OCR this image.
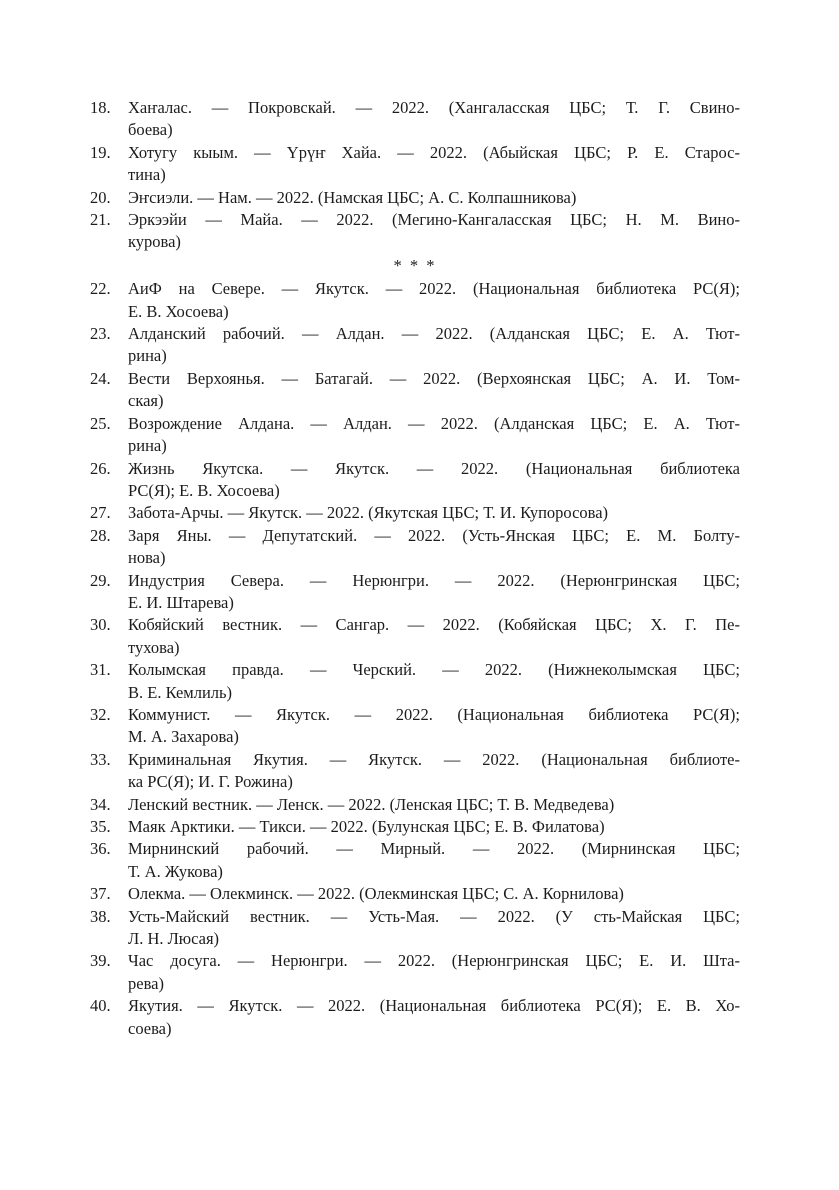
18.	Хаҥалас. — Покровскай. — 2022. (Хангаласская ЦБС; Т. Г. Свино-
боева)
19.	Хотугу кыым. — Үрүҥ Хайа. — 2022. (Абыйская ЦБС; Р. Е. Старос-
тина)
20.	Эҥсиэли. — Нам. — 2022. (Намская ЦБС; А. С. Колпашникова)
21.	Эркээйи — Майа. — 2022. (Мегино-Кангаласская ЦБС; Н. М. Вино-
курова)
* * *
22.	АиФ на Севере. — Якутск. — 2022. (Национальная библиотека РС(Я);
Е. В. Хосоева)
23.	Алданский рабочий. — Алдан. — 2022. (Алданская ЦБС; Е. А. Тют-
рина)
24.	Вести Верхоянья. — Батагай. — 2022. (Верхоянская ЦБС; А. И. Том-
ская)
25.	Возрождение Алдана. — Алдан. — 2022. (Алданская ЦБС; Е. А. Тют-
рина)
26.	Жизнь Якутска. — Якутск. — 2022. (Национальная библиотека
РС(Я); Е. В. Хосоева)
27.	Забота-Арчы. — Якутск. — 2022. (Якутская ЦБС; Т. И. Купоросова)
28.	Заря Яны. — Депутатский. — 2022. (Усть-Янская ЦБС; Е. М. Болту-
нова)
29.	Индустрия Севера. — Нерюнгри. — 2022. (Нерюнгринская ЦБС;
Е. И. Штарева)
30.	Кобяйский вестник. — Сангар. — 2022. (Кобяйская ЦБС; Х. Г. Пе-
тухова)
31.	Колымская правда. — Черский. — 2022. (Нижнеколымская ЦБС;
В. Е. Кемлиль)
32.	Коммунист. — Якутск. — 2022. (Национальная библиотека РС(Я);
М. А. Захарова)
33.	Криминальная Якутия. — Якутск. — 2022. (Национальная библиоте-
ка РС(Я); И. Г. Рожина)
34.	Ленский вестник. — Ленск. — 2022. (Ленская ЦБС; Т. В. Медведева)
35.	Маяк Арктики. — Тикси. — 2022. (Булунская ЦБС; Е. В. Филатова)
36.	Мирнинский рабочий. — Мирный. — 2022. (Мирнинская ЦБС;
Т. А. Жукова)
37.	Олекма. — Олекминск. — 2022. (Олекминская ЦБС; С. А. Корнилова)
38.	Усть-Майский вестник. — Усть-Мая. — 2022. (У сть-Майская ЦБС;
Л. Н. Люсая)
39.	Час досуга. — Нерюнгри. — 2022. (Нерюнгринская ЦБС; Е. И. Шта-
рева)
40.	Якутия. — Якутск. — 2022. (Национальная библиотека РС(Я); Е. В. Хо-
соева)
